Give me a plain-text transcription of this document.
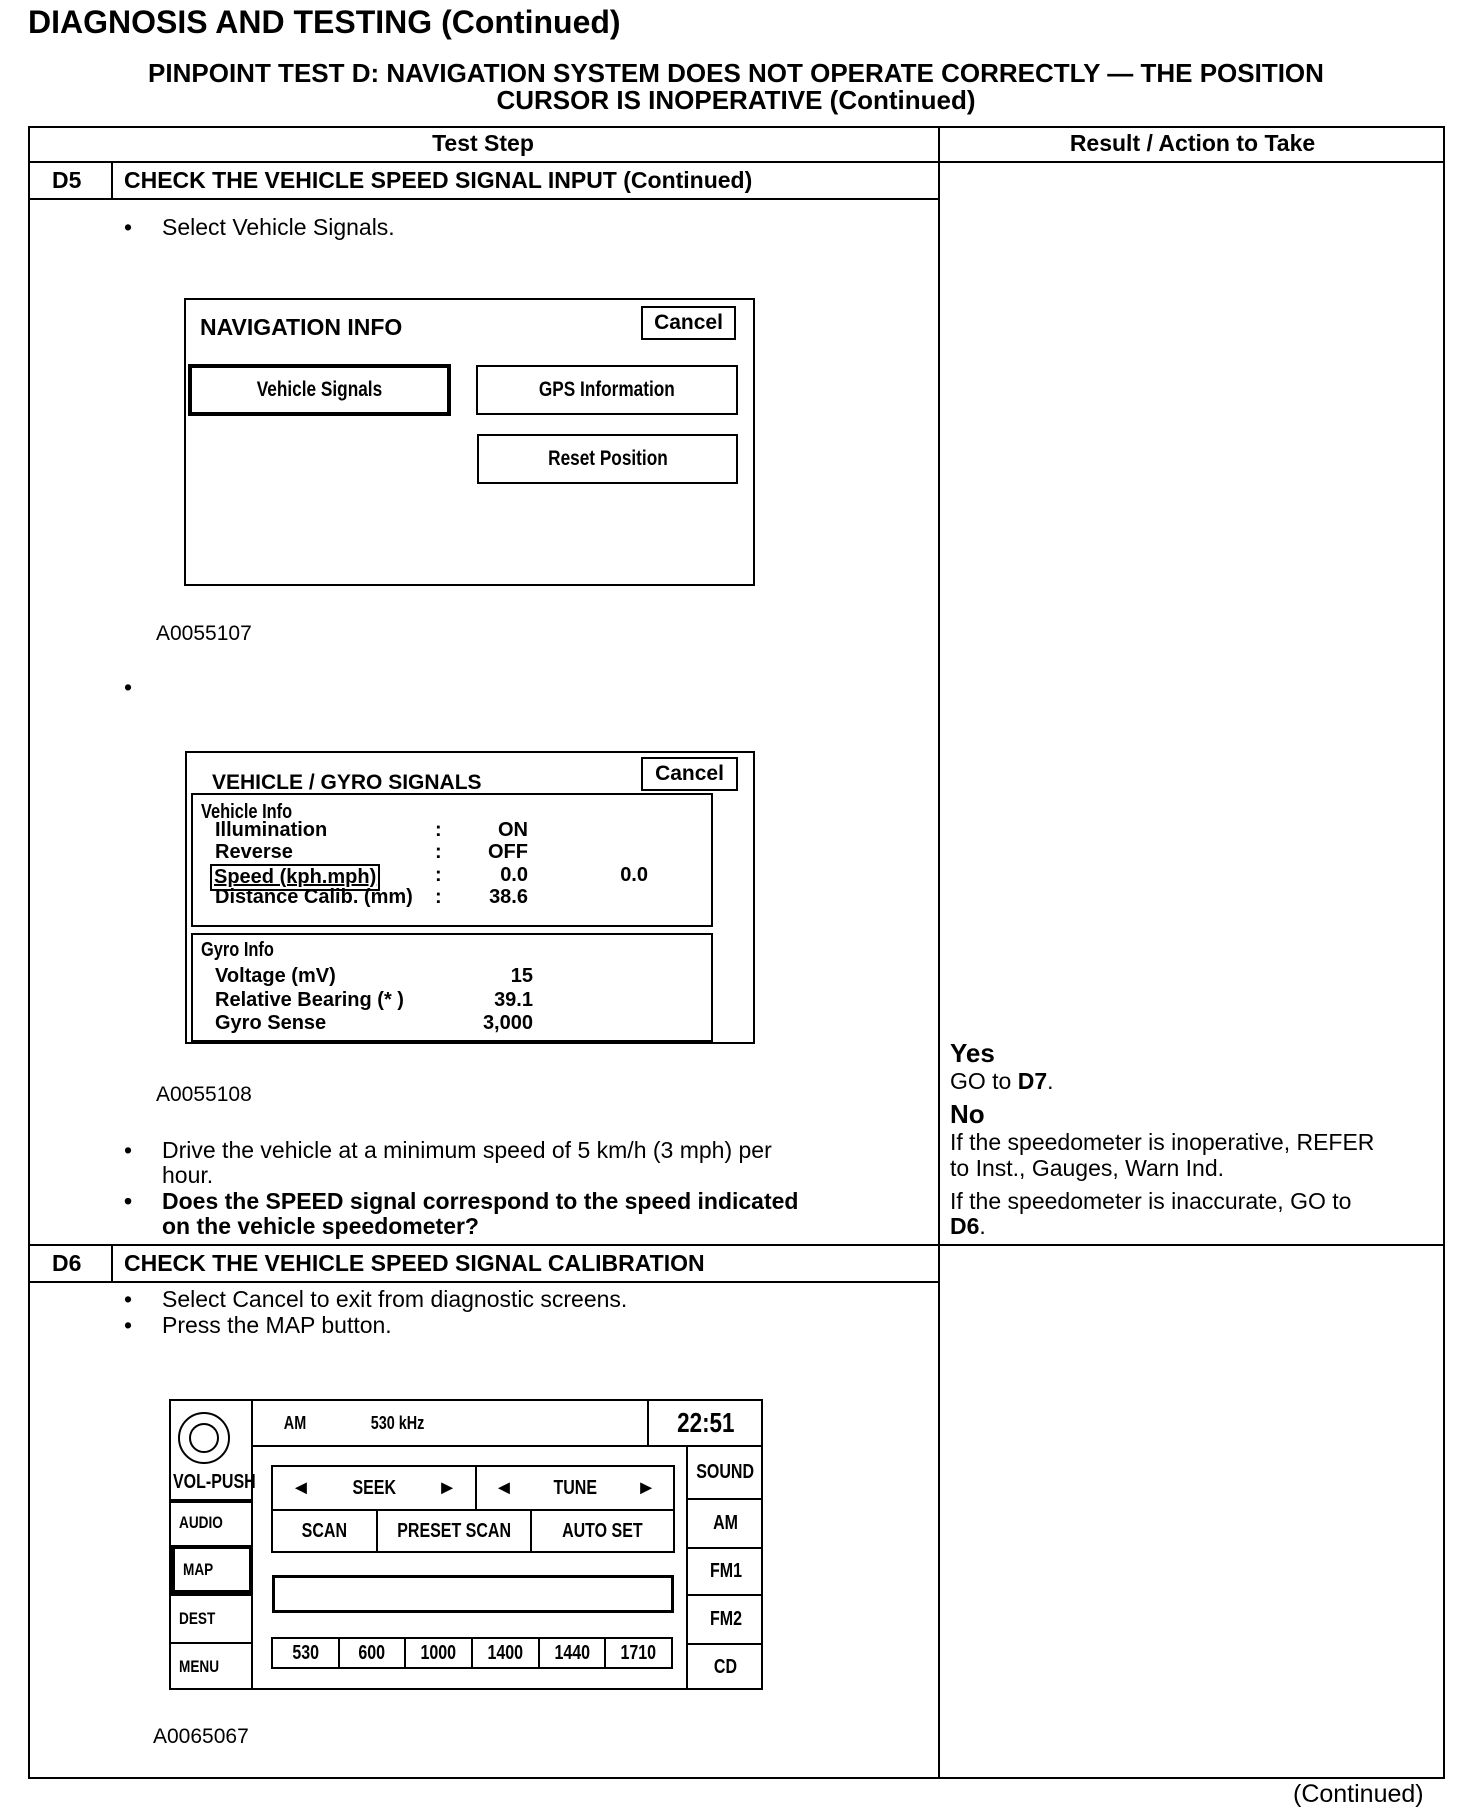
DIAGNOSIS AND TESTING (Continued)
PINPOINT TEST D: NAVIGATION SYSTEM DOES NOT OPERATE CORRECTLY — THE POSITION
CURSOR IS INOPERATIVE (Continued)
Test Step	Result / Action to Take
D5 CHECK THE VEHICLE SPEED SIGNAL INPUT (Continued)
• Select Vehicle Signals.
NAVIGATION INFO	Cancel
Vehicle Signals	GPS Information
Reset Position
A0055107
•
VEHICLE / GYRO SIGNALS	Cancel
Vehicle Info
Illumination	:	ON
Reverse	:	OFF
Speed (kph.mph)	:	0.0	0.0
Distance Calib. (mm) :	38.6
Gyro Info
Voltage (mV)	15
Relative Bearing (* )	39.1
Gyro Sense	3,000
A0055108
• Drive the vehicle at a minimum speed of 5 km/h (3 mph) per
hour.
• Does the SPEED signal correspond to the speed indicated
on the vehicle speedometer?
Yes
GO to D7.
No
If the speedometer is inoperative, REFER
to Inst., Gauges, Warn Ind.
If the speedometer is inaccurate, GO to
D6.
D6 CHECK THE VEHICLE SPEED SIGNAL CALIBRATION
• Select Cancel to exit from diagnostic screens.
• Press the MAP button.
VOL-PUSH
AUDIO
MAP
DEST
MENU
AM	530 kHz	22:51
SOUND
AM
FM1
FM2
CD
◄ SEEK ► ◄ TUNE ►
SCAN PRESET SCAN	AUTO SET
530 600 1000 1400 1440 1710
A0065067
(Continued)
